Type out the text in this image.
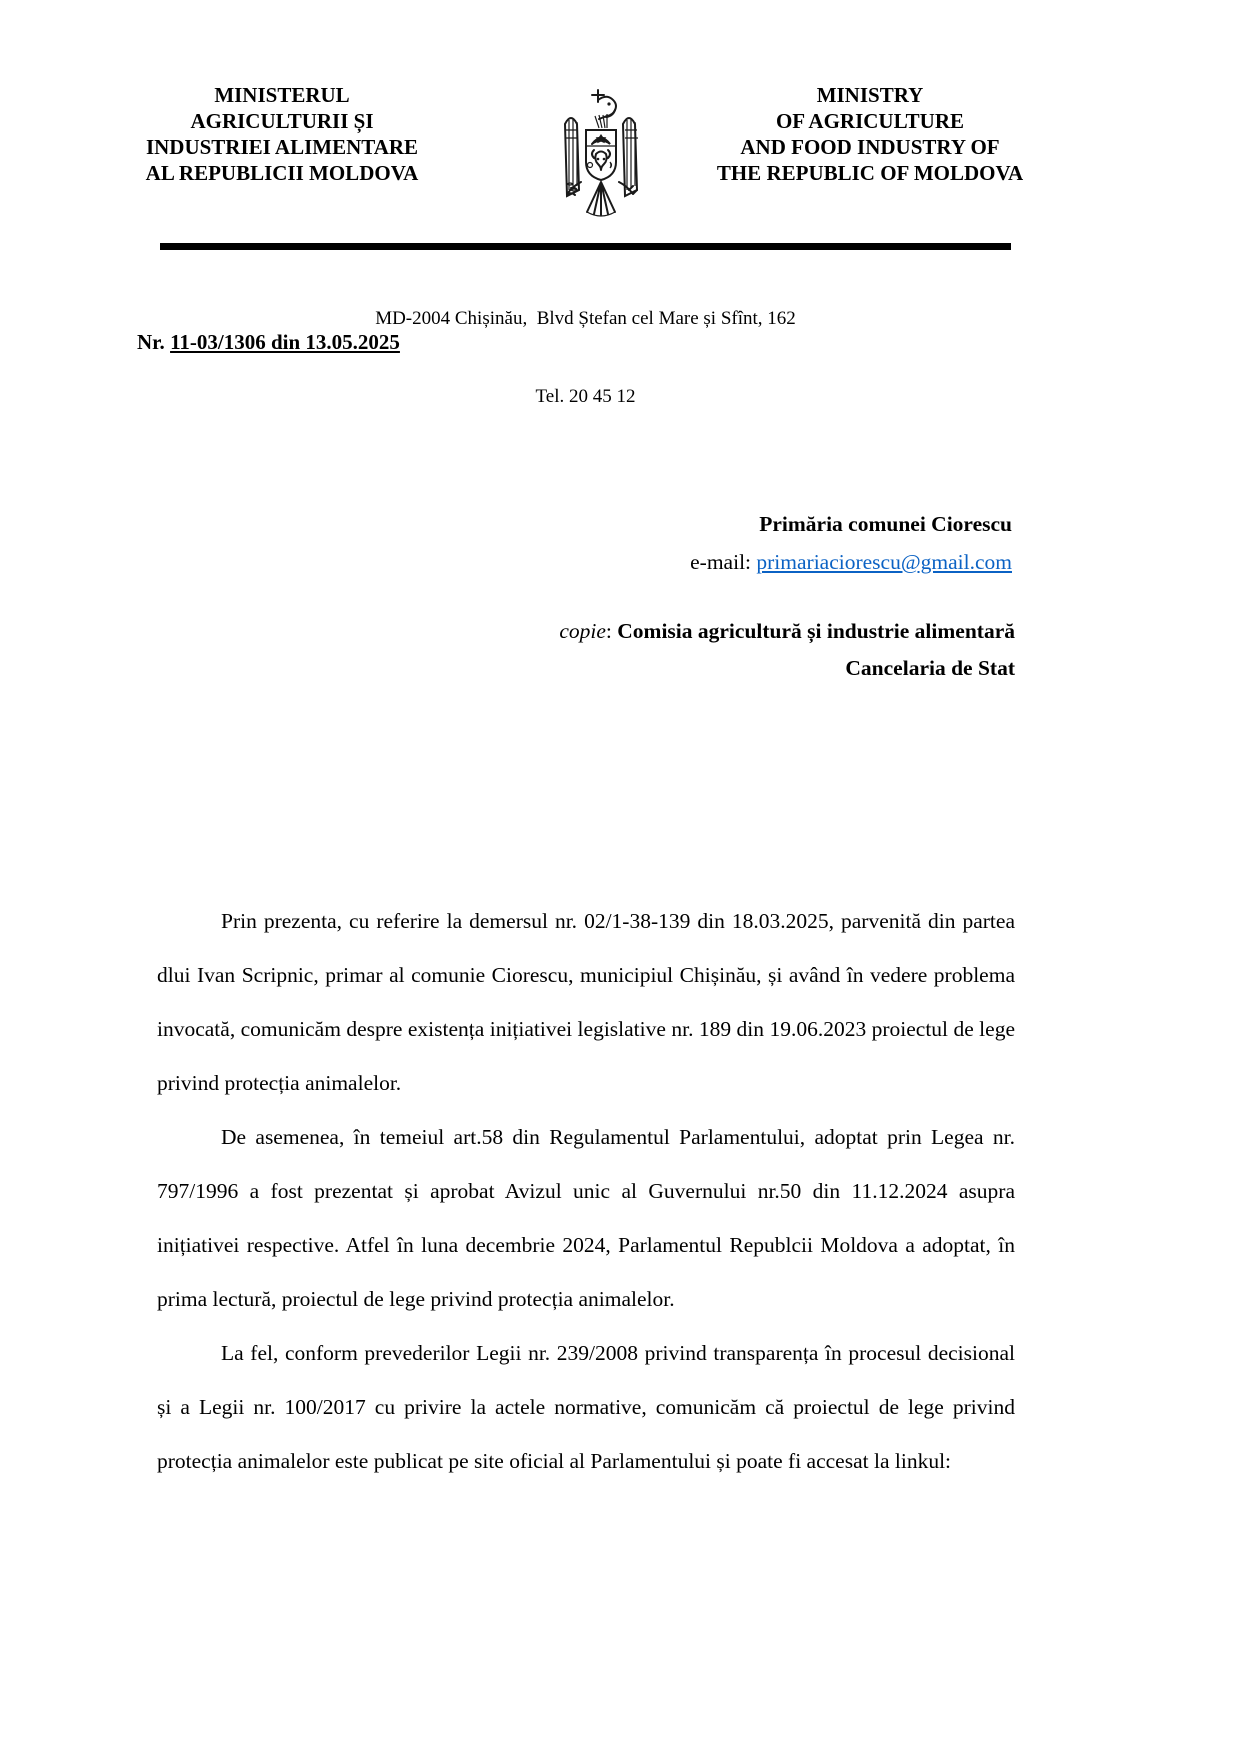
MINISTERUL
AGRICULTURII ȘI
INDUSTRIEI ALIMENTARE
AL REPUBLICII MOLDOVA
MINISTRY
OF AGRICULTURE
AND FOOD INDUSTRY OF
THE REPUBLIC OF MOLDOVA

MD-2004 Chișinău,  Blvd Ștefan cel Mare și Sfînt, 162

Tel. 20 45 12

Nr. 11-03/1306 din 13.05.2025
Primăria comunei Ciorescu
e-mail: primariaciorescu@gmail.com
copie: Comisia agricultură și industrie alimentară
Cancelaria de Stat

Prin prezenta, cu referire la demersul nr. 02/1-38-139 din 18.03.2025, parvenită din partea dlui Ivan Scripnic, primar al comunie Ciorescu, municipiul Chișinău, și având în vedere problema invocată, comunicăm despre existența inițiativei legislative nr. 189 din 19.06.2023 proiectul de lege privind protecția animalelor.

De asemenea, în temeiul art.58 din Regulamentul Parlamentului, adoptat prin Legea nr. 797/1996 a fost prezentat și aprobat Avizul unic al Guvernului nr.50 din 11.12.2024 asupra inițiativei respective. Atfel în luna decembrie 2024, Parlamentul Republcii Moldova a adoptat, în prima lectură, proiectul de lege privind protecția animalelor.

La fel, conform prevederilor Legii nr. 239/2008 privind transparența în procesul decisional și a Legii nr. 100/2017 cu privire la actele normative, comunicăm că proiectul de lege privind protecția animalelor este publicat pe site oficial al Parlamentului și poate fi accesat la linkul:
